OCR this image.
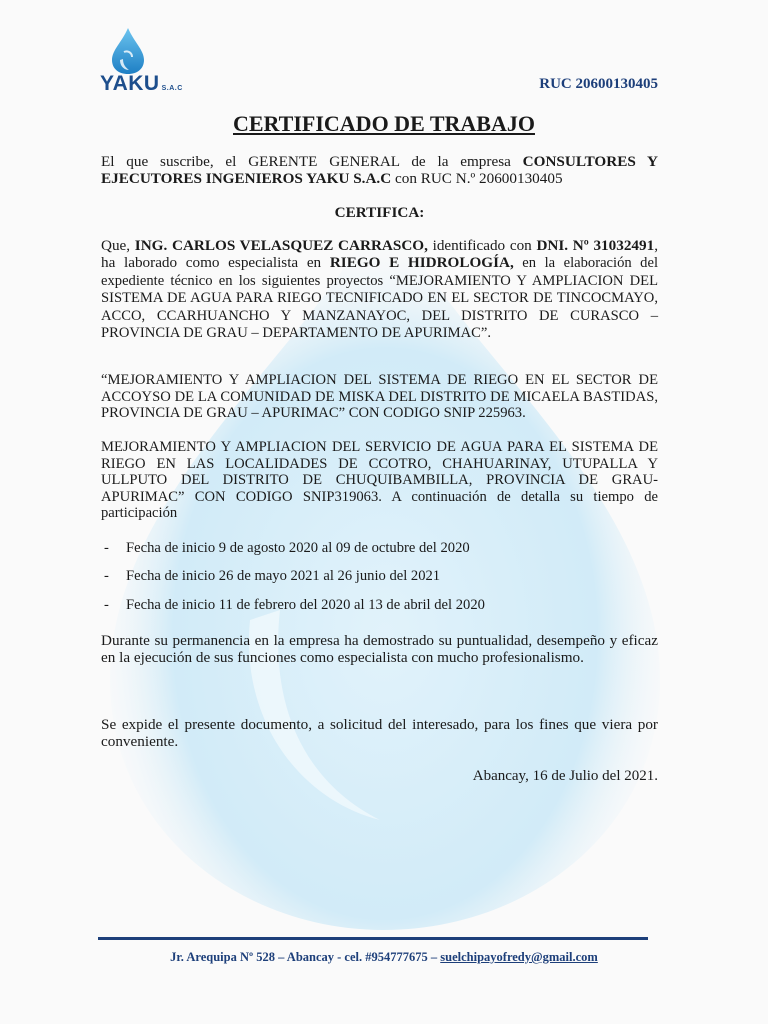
YAKU S.A.C	RUC 20600130405
CERTIFICADO DE TRABAJO
El que suscribe, el GERENTE GENERAL de la empresa CONSULTORES Y EJECUTORES INGENIEROS YAKU S.A.C con RUC N.º 20600130405
CERTIFICA:
Que, ING. CARLOS VELASQUEZ CARRASCO, identificado con DNI. Nº 31032491, ha laborado como especialista en RIEGO E HIDROLOGÍA, en la elaboración del expediente técnico en los siguientes proyectos “MEJORAMIENTO Y AMPLIACION DEL SISTEMA DE AGUA PARA RIEGO TECNIFICADO EN EL SECTOR DE TINCOCMAYO, ACCO, CCARHUANCHO Y MANZANAYOC, DEL DISTRITO DE CURASCO – PROVINCIA DE GRAU – DEPARTAMENTO DE APURIMAC”.
“MEJORAMIENTO Y AMPLIACION DEL SISTEMA DE RIEGO EN EL SECTOR DE ACCOYSO DE LA COMUNIDAD DE MISKA DEL DISTRITO DE MICAELA BASTIDAS, PROVINCIA DE GRAU – APURIMAC” CON CODIGO SNIP 225963.
MEJORAMIENTO Y AMPLIACION DEL SERVICIO DE AGUA PARA EL SISTEMA DE RIEGO EN LAS LOCALIDADES DE CCOTRO, CHAHUARINAY, UTUPALLA Y ULLPUTO DEL DISTRITO DE CHUQUIBAMBILLA, PROVINCIA DE GRAU- APURIMAC” CON CODIGO SNIP319063. A continuación de detalla su tiempo de participación
- Fecha de inicio 9 de agosto 2020 al 09 de octubre del 2020
- Fecha de inicio 26 de mayo 2021 al 26 junio del 2021
- Fecha de inicio 11 de febrero del 2020 al 13 de abril del 2020
Durante su permanencia en la empresa ha demostrado su puntualidad, desempeño y eficaz en la ejecución de sus funciones como especialista con mucho profesionalismo.
Se expide el presente documento, a solicitud del interesado, para los fines que viera por conveniente.
Abancay, 16 de Julio del 2021.
Jr. Arequipa Nº 528 – Abancay - cel. #954777675 – suelchipayofredy@gmail.com
